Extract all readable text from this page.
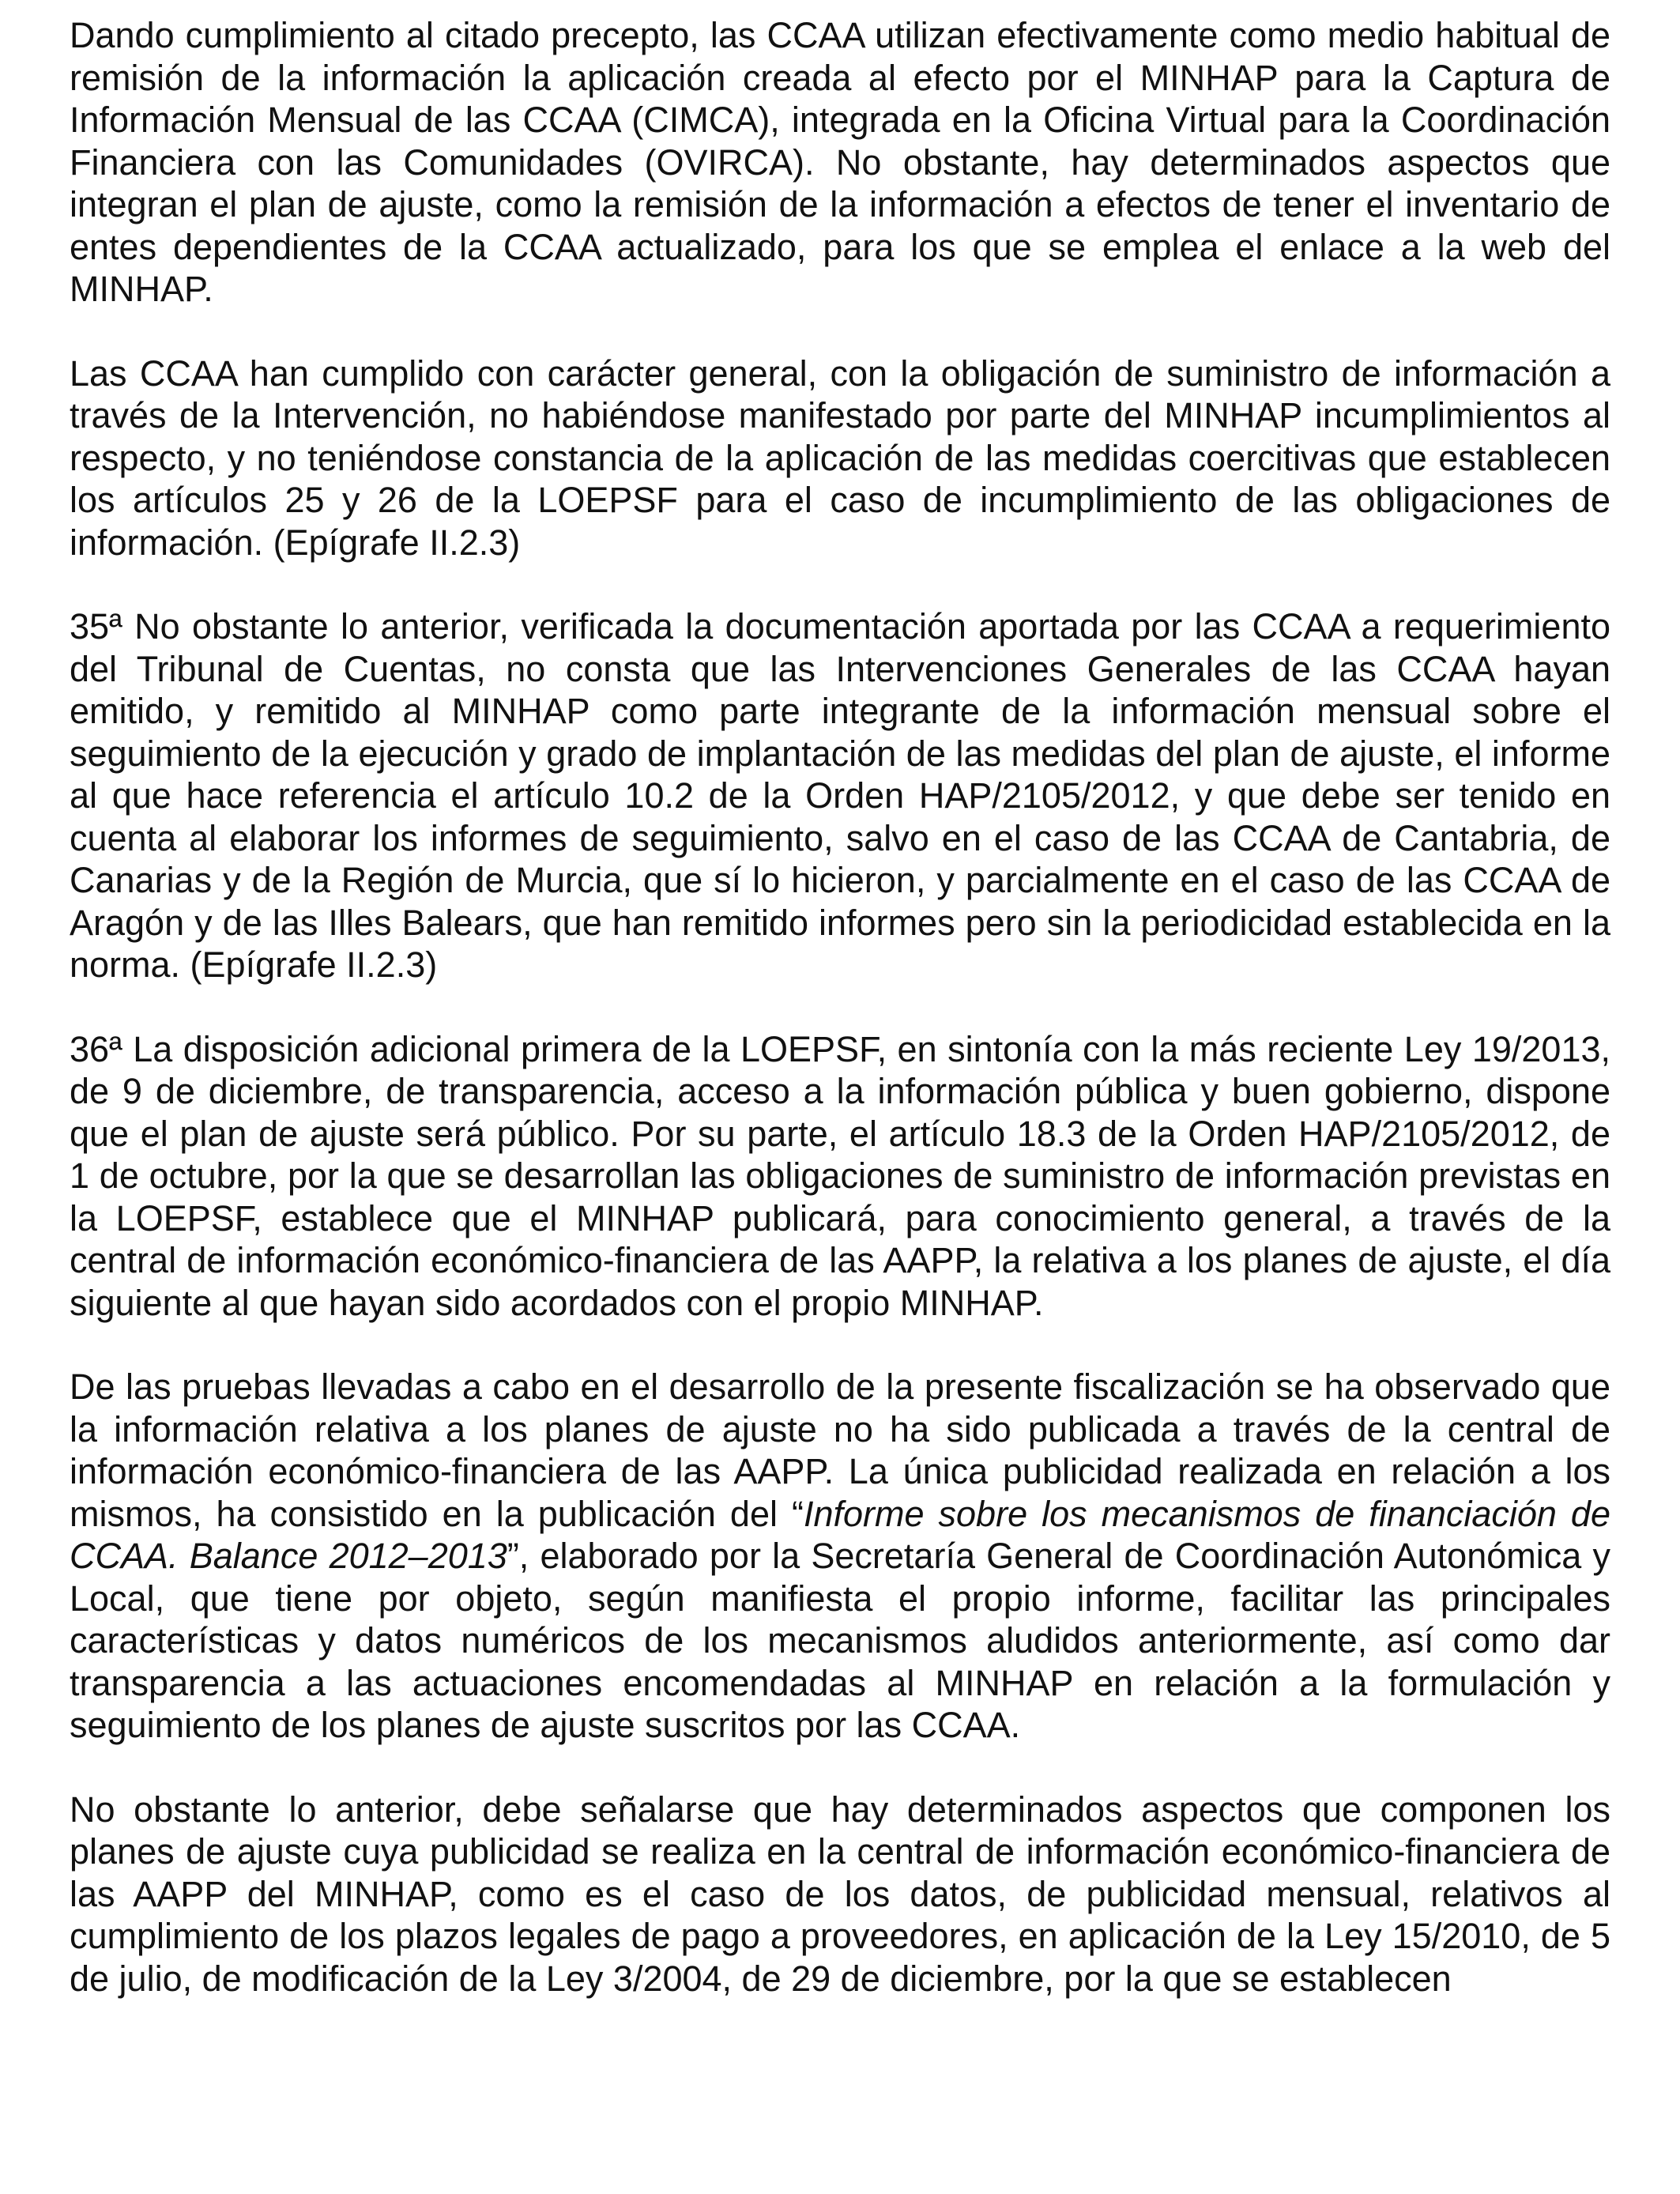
Dando cumplimiento al citado precepto, las CCAA utilizan efectivamente como medio habitual de remisión de la información la aplicación creada al efecto por el MINHAP para la Captura de Información Mensual de las CCAA (CIMCA), integrada en la Oficina Virtual para la Coordinación Financiera con las Comunidades (OVIRCA). No obstante, hay determinados aspectos que integran el plan de ajuste, como la remisión de la información a efectos de tener el inventario de entes dependientes de la CCAA actualizado, para los que se emplea el enlace a la web del MINHAP.

Las CCAA han cumplido con carácter general, con la obligación de suministro de información a través de la Intervención, no habiéndose manifestado por parte del MINHAP incumplimientos al respecto, y no teniéndose constancia de la aplicación de las medidas coercitivas que establecen los artículos 25 y 26 de la LOEPSF para el caso de incumplimiento de las obligaciones de información. (Epígrafe II.2.3)

35ª No obstante lo anterior, verificada la documentación aportada por las CCAA a requerimiento del Tribunal de Cuentas, no consta que las Intervenciones Generales de las CCAA hayan emitido, y remitido al MINHAP como parte integrante de la información mensual sobre el seguimiento de la ejecución y grado de implantación de las medidas del plan de ajuste, el informe al que hace referencia el artículo 10.2 de la Orden HAP/2105/2012, y que debe ser tenido en cuenta al elaborar los informes de seguimiento, salvo en el caso de las CCAA de Cantabria, de Canarias y de la Región de Murcia, que sí lo hicieron, y parcialmente en el caso de las CCAA de Aragón y de las Illes Balears, que han remitido informes pero sin la periodicidad establecida en la norma. (Epígrafe II.2.3)

36ª La disposición adicional primera de la LOEPSF, en sintonía con la más reciente Ley 19/2013, de 9 de diciembre, de transparencia, acceso a la información pública y buen gobierno, dispone que el plan de ajuste será público. Por su parte, el artículo 18.3 de la Orden HAP/2105/2012, de 1 de octubre, por la que se desarrollan las obligaciones de suministro de información previstas en la LOEPSF, establece que el MINHAP publicará, para conocimiento general, a través de la central de información económico-financiera de las AAPP, la relativa a los planes de ajuste, el día siguiente al que hayan sido acordados con el propio MINHAP.

De las pruebas llevadas a cabo en el desarrollo de la presente fiscalización se ha observado que la información relativa a los planes de ajuste no ha sido publicada a través de la central de información económico-financiera de las AAPP. La única publicidad realizada en relación a los mismos, ha consistido en la publicación del “Informe sobre los mecanismos de financiación de CCAA. Balance 2012–2013”, elaborado por la Secretaría General de Coordinación Autonómica y Local, que tiene por objeto, según manifiesta el propio informe, facilitar las principales características y datos numéricos de los mecanismos aludidos anteriormente, así como dar transparencia a las actuaciones encomendadas al MINHAP en relación a la formulación y seguimiento de los planes de ajuste suscritos por las CCAA.

No obstante lo anterior, debe señalarse que hay determinados aspectos que componen los planes de ajuste cuya publicidad se realiza en la central de información económico-financiera de las AAPP del MINHAP, como es el caso de los datos, de publicidad mensual, relativos al cumplimiento de los plazos legales de pago a proveedores, en aplicación de la Ley 15/2010, de 5 de julio, de modificación de la Ley 3/2004, de 29 de diciembre, por la que se establecen
